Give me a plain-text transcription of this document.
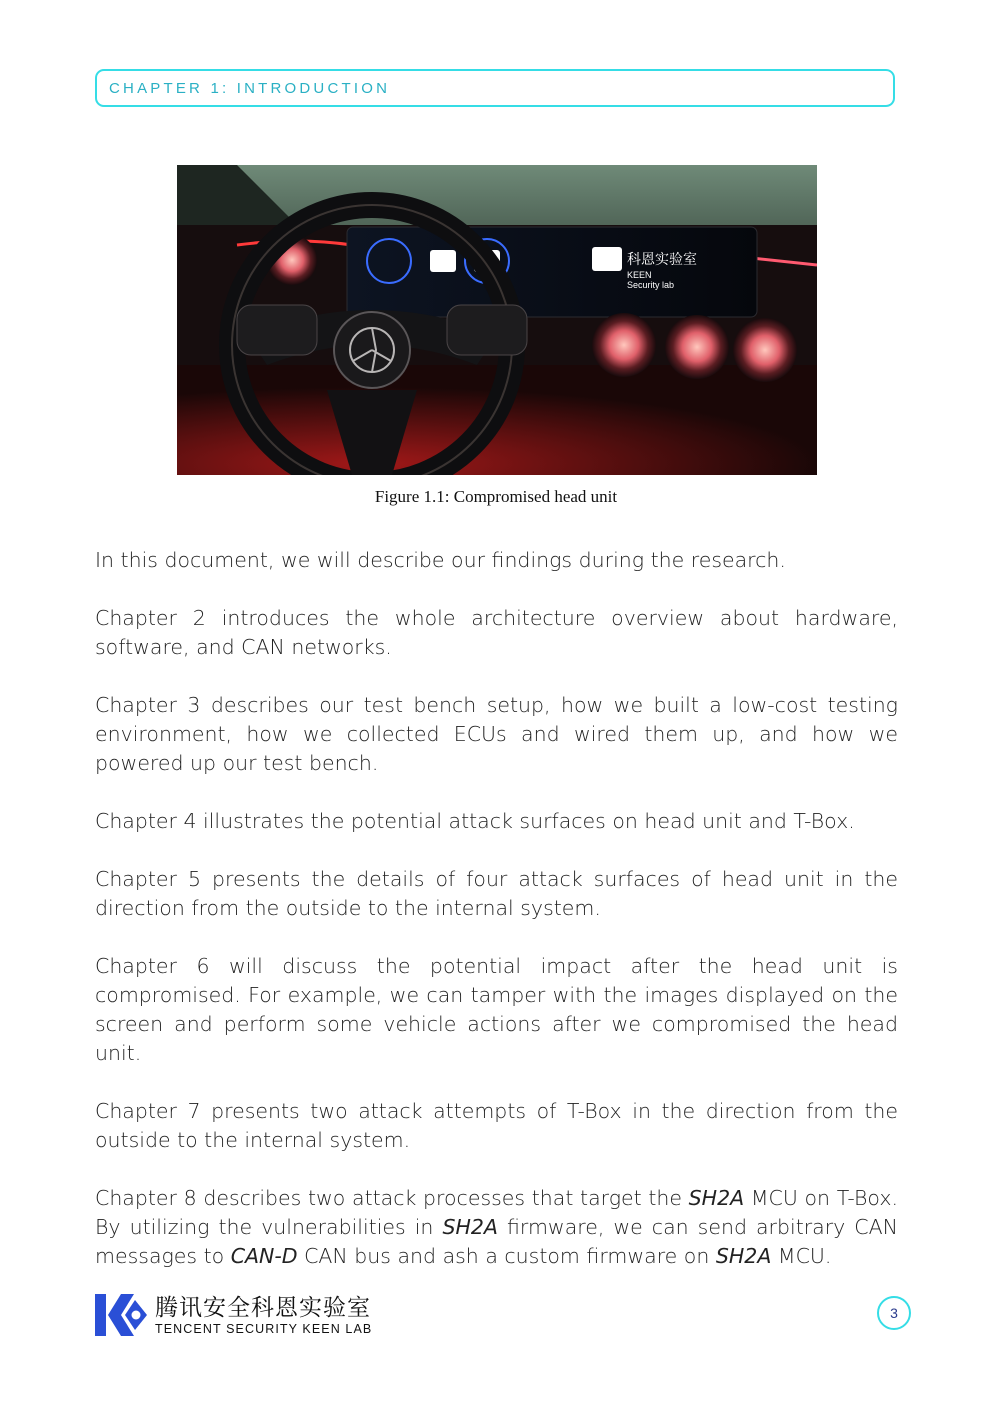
CHAPTER 1: INTRODUCTION
科恩实验室
KEEN
Security lab
Figure 1.1: Compromised head unit

In this document, we will describe our findings during the research.

Chapter 2 introduces the whole architecture overview about hardware, software, and CAN networks.

Chapter 3 describes our test bench setup, how we built a low-cost testing environment, how we collected ECUs and wired them up, and how we powered up our test bench.

Chapter 4 illustrates the potential attack surfaces on head unit and T-Box.

Chapter 5 presents the details of four attack surfaces of head unit in the direction from the outside to the internal system.

Chapter 6 will discuss the potential impact after the head unit is compromised. For example, we can tamper with the images displayed on the screen and perform some vehicle actions after we compromised the head unit.

Chapter 7 presents two attack attempts of T-Box in the direction from the outside to the internal system.

Chapter 8 describes two attack processes that target the SH2A MCU on T-Box. By utilizing the vulnerabilities in SH2A firmware, we can send arbitrary CAN messages to CAN-D CAN bus and ash a custom firmware on SH2A MCU.

腾讯安全科恩实验室
TENCENT SECURITY KEEN LAB
3
